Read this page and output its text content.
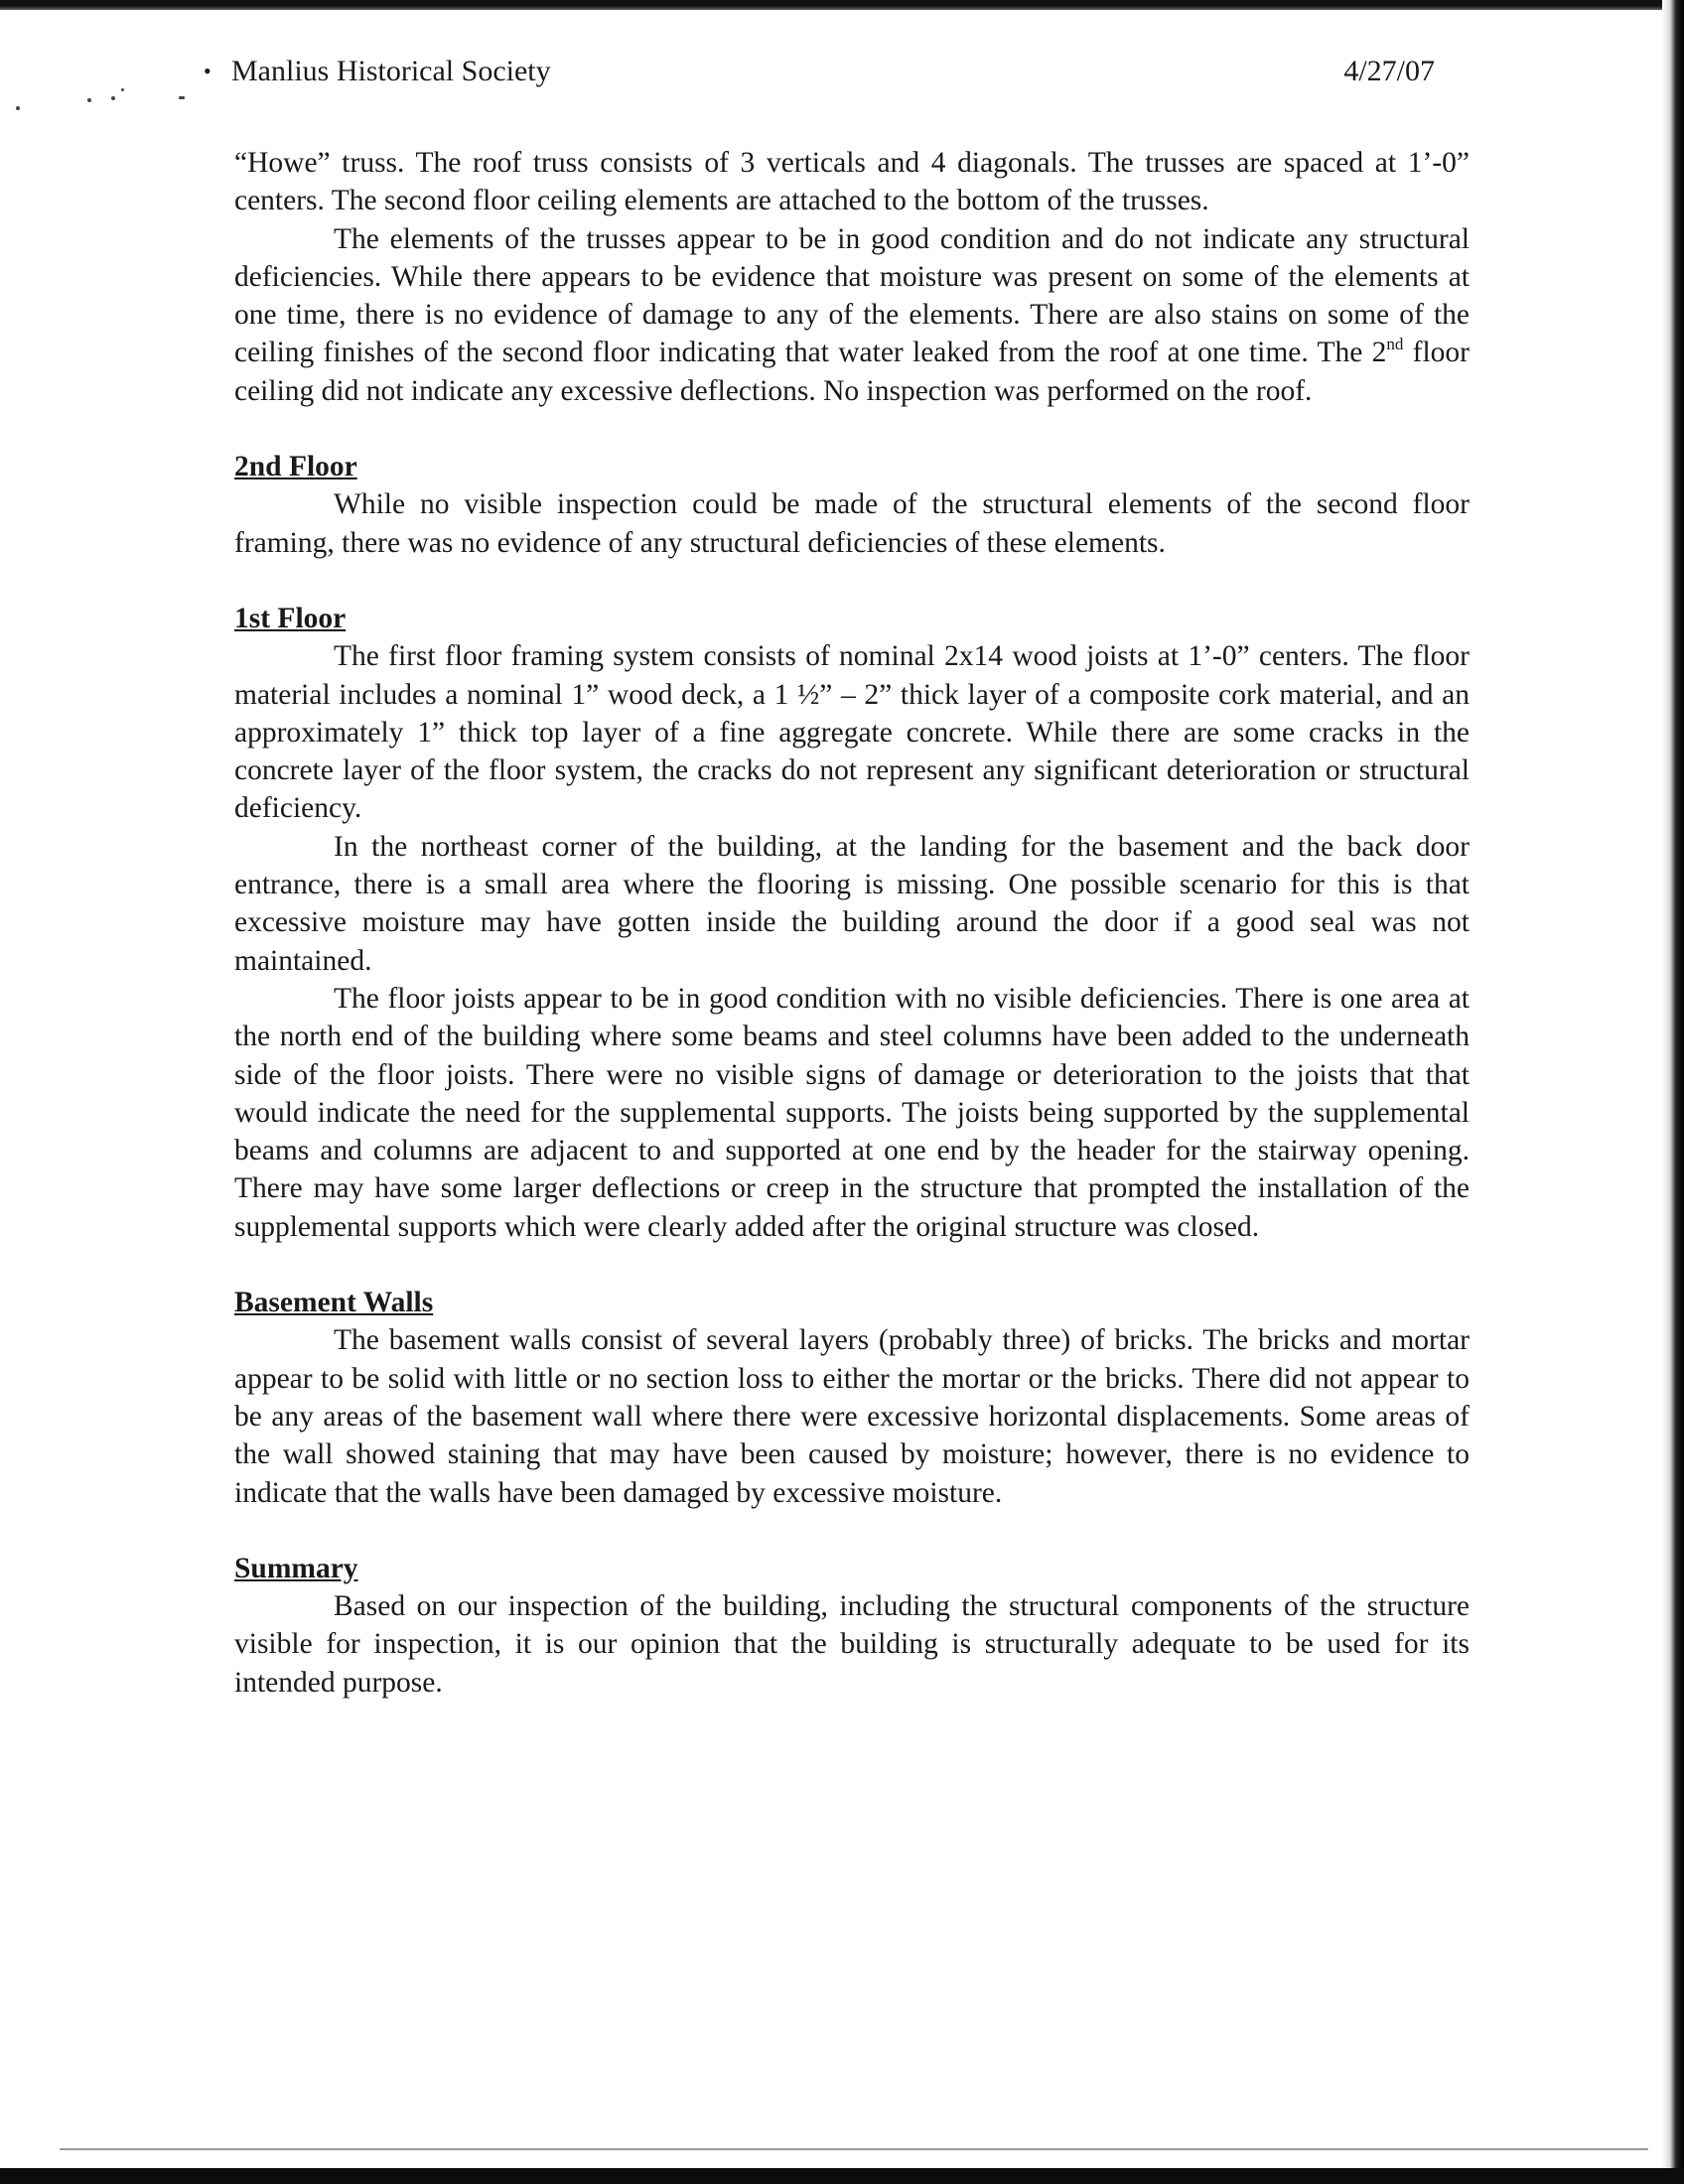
• Manlius Historical Society	4/27/07

“Howe” truss. The roof truss consists of 3 verticals and 4 diagonals. The trusses are spaced at 1’-0” centers. The second floor ceiling elements are attached to the bottom of the trusses.

The elements of the trusses appear to be in good condition and do not indicate any structural deficiencies. While there appears to be evidence that moisture was present on some of the elements at one time, there is no evidence of damage to any of the elements. There are also stains on some of the ceiling finishes of the second floor indicating that water leaked from the roof at one time. The 2nd floor ceiling did not indicate any excessive deflections. No inspection was performed on the roof.

2nd Floor

While no visible inspection could be made of the structural elements of the second floor framing, there was no evidence of any structural deficiencies of these elements.

1st Floor

The first floor framing system consists of nominal 2x14 wood joists at 1’-0” centers. The floor material includes a nominal 1” wood deck, a 1 ½” – 2” thick layer of a composite cork material, and an approximately 1” thick top layer of a fine aggregate concrete. While there are some cracks in the concrete layer of the floor system, the cracks do not represent any significant deterioration or structural deficiency.

In the northeast corner of the building, at the landing for the basement and the back door entrance, there is a small area where the flooring is missing. One possible scenario for this is that excessive moisture may have gotten inside the building around the door if a good seal was not maintained.

The floor joists appear to be in good condition with no visible deficiencies. There is one area at the north end of the building where some beams and steel columns have been added to the underneath side of the floor joists. There were no visible signs of damage or deterioration to the joists that that would indicate the need for the supplemental supports. The joists being supported by the supplemental beams and columns are adjacent to and supported at one end by the header for the stairway opening. There may have some larger deflections or creep in the structure that prompted the installation of the supplemental supports which were clearly added after the original structure was closed.

Basement Walls

The basement walls consist of several layers (probably three) of bricks. The bricks and mortar appear to be solid with little or no section loss to either the mortar or the bricks. There did not appear to be any areas of the basement wall where there were excessive horizontal displacements. Some areas of the wall showed staining that may have been caused by moisture; however, there is no evidence to indicate that the walls have been damaged by excessive moisture.

Summary

Based on our inspection of the building, including the structural components of the structure visible for inspection, it is our opinion that the building is structurally adequate to be used for its intended purpose.
